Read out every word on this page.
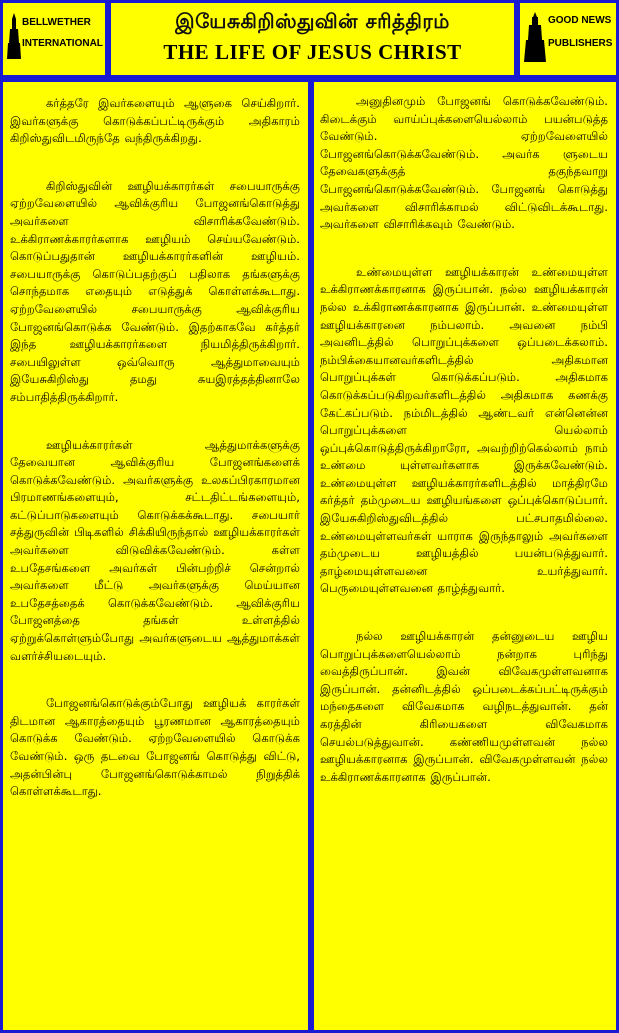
BELLWETHER
INTERNATIONAL
இயேசுகிறிஸ்துவின் சரித்திரம்
THE LIFE OF JESUS CHRIST
GOOD NEWS
PUBLISHERS

கர்த்தரே இவர்களையும் ஆளுகை செய்கிறார். இவர்களுக்கு கொடுக்கப்பட்டிருக்கும் அதிகாரம் கிறிஸ்துவிடமிருந்தே வந்திருக்கிறது.

கிறிஸ்துவின் ஊழியக்காரர்கள் சபையாருக்கு ஏற்றவேளையில் ஆவிக்குரிய போஜனங்கொடுத்து அவர்களை விசாரிக்கவேண்டும். உக்கிராணக்காரர்களாக ஊழியம் செய்யவேண்டும். கொடுப்பதுதான் ஊழியக்காரர்களின் ஊழியம். சபையாருக்கு கொடுப்பதற்குப் பதிலாக தங்களுக்கு சொந்தமாக எதையும் எடுத்துக் கொள்ளக்கூடாது. ஏற்றவேளையில் சபையாருக்கு ஆவிக்குரிய போஜனங்கொடுக்க வேண்டும். இதற்காகவே கர்த்தர் இந்த ஊழியக்காரர்களை நியமித்திருக்கிறார். சபையிலுள்ள ஒவ்வொரு ஆத்துமாவையும் இயேசுகிறிஸ்து தமது சுயஇரத்தத்தினாலே சம்பாதித்திருக்கிறார்.

ஊழியக்காரர்கள் ஆத்துமாக்களுக்கு தேவையான ஆவிக்குரிய போஜனங்களைக் கொடுக்கவேண்டும். அவர்களுக்கு உலகப்பிரகாரமான பிரமாணங்களையும், சட்டதிட்டங்களையும், கட்டுப்பாடுகளையும் கொடுக்கக்கூடாது. சபையார் சத்துருவின் பிடிகளில் சிக்கியிருந்தால் ஊழியக்காரர்கள் அவர்களை விடுவிக்கவேண்டும். கள்ள உபதேசங்களை அவர்கள் பின்பற்றிச் சென்றால் அவர்களை மீட்டு அவர்களுக்கு மெய்யான உபதேசத்தைக் கொடுக்கவேண்டும். ஆவிக்குரிய போஜனத்தை தங்கள் உள்ளத்தில் ஏற்றுக்கொள்ளும்போது அவர்களுடைய ஆத்துமாக்கள் வளர்ச்சியடையும்.

போஜனங்கொடுக்கும்போது ஊழியக் காரர்கள் திடமான ஆகாரத்தையும் பூரணமான ஆகாரத்தையும் கொடுக்க வேண்டும். ஏற்றவேளையில் கொடுக்க வேண்டும். ஒரு தடவை போஜனங் கொடுத்து விட்டு, அதன்பின்பு போஜனங்கொடுக்காமல் நிறுத்திக் கொள்ளக்கூடாது.

அனுதினமும் போஜனங் கொடுக்கவேண்டும். கிடைக்கும் வாய்ப்புக்களையெல்லாம் பயன்படுத்த வேண்டும். ஏற்றவேளையில் போஜனங்கொடுக்கவேண்டும். அவர்க ளுடைய தேவைகளுக்குத் தகுந்தவாறு போஜனங்கொடுக்கவேண்டும். போஜனங் கொடுத்து அவர்களை விசாரிக்காமல் விட்டுவிடக்கூடாது. அவர்களை விசாரிக்கவும் வேண்டும்.

உண்மையுள்ள ஊழியக்காரன் உண்மையுள்ள உக்கிராணக்காரனாக இருப்பான். நல்ல ஊழியக்காரன் நல்ல உக்கிராணக்காரனாக இருப்பான். உண்மையுள்ள ஊழியக்காரனை நம்பலாம். அவனை நம்பி அவனிடத்தில் பொறுப்புக்களை ஒப்படைக்கலாம். நம்பிக்கையானவர்களிடத்தில் அதிகமான பொறுப்புக்கள் கொடுக்கப்படும். அதிகமாக கொடுக்கப்படுகிறவர்களிடத்தில் அதிகமாக கணக்கு கேட்கப்படும். நம்மிடத்தில் ஆண்டவர் என்னென்ன பொறுப்புக்களை யெல்லாம் ஒப்புக்கொடுத்திருக்கிறாரோ, அவற்றிற்கெல்லாம் நாம் உண்மை யுள்ளவர்களாக இருக்கவேண்டும். உண்மையுள்ள ஊழியக்காரர்களிடத்தில் மாத்திரமே கர்த்தர் தம்முடைய ஊழியங்களை ஒப்புக்கொடுப்பார். இயேசுகிறிஸ்துவிடத்தில் பட்சபாதமில்லை. உண்மையுள்ளவர்கள் யாராக இருந்தாலும் அவர்களை தம்முடைய ஊழியத்தில் பயன்படுத்துவார். தாழ்மையுள்ளவனை உயர்த்துவார். பெருமையுள்ளவனை தாழ்த்துவார்.

நல்ல ஊழியக்காரன் தன்னுடைய ஊழிய பொறுப்புக்களையெல்லாம் நன்றாக புரிந்து வைத்திருப்பான். இவன் விவேகமுள்ளவனாக இருப்பான். தன்னிடத்தில் ஒப்படைக்கப்பட்டிருக்கும் மந்தைகளை விவேகமாக வழிநடத்துவான். தன் கரத்தின் கிரியைகளை விவேகமாக செயல்படுத்துவான். கண்ணியமுள்ளவன் நல்ல ஊழியக்காரனாக இருப்பான். விவேகமுள்ளவன் நல்ல உக்கிராணக்காரனாக இருப்பான்.
